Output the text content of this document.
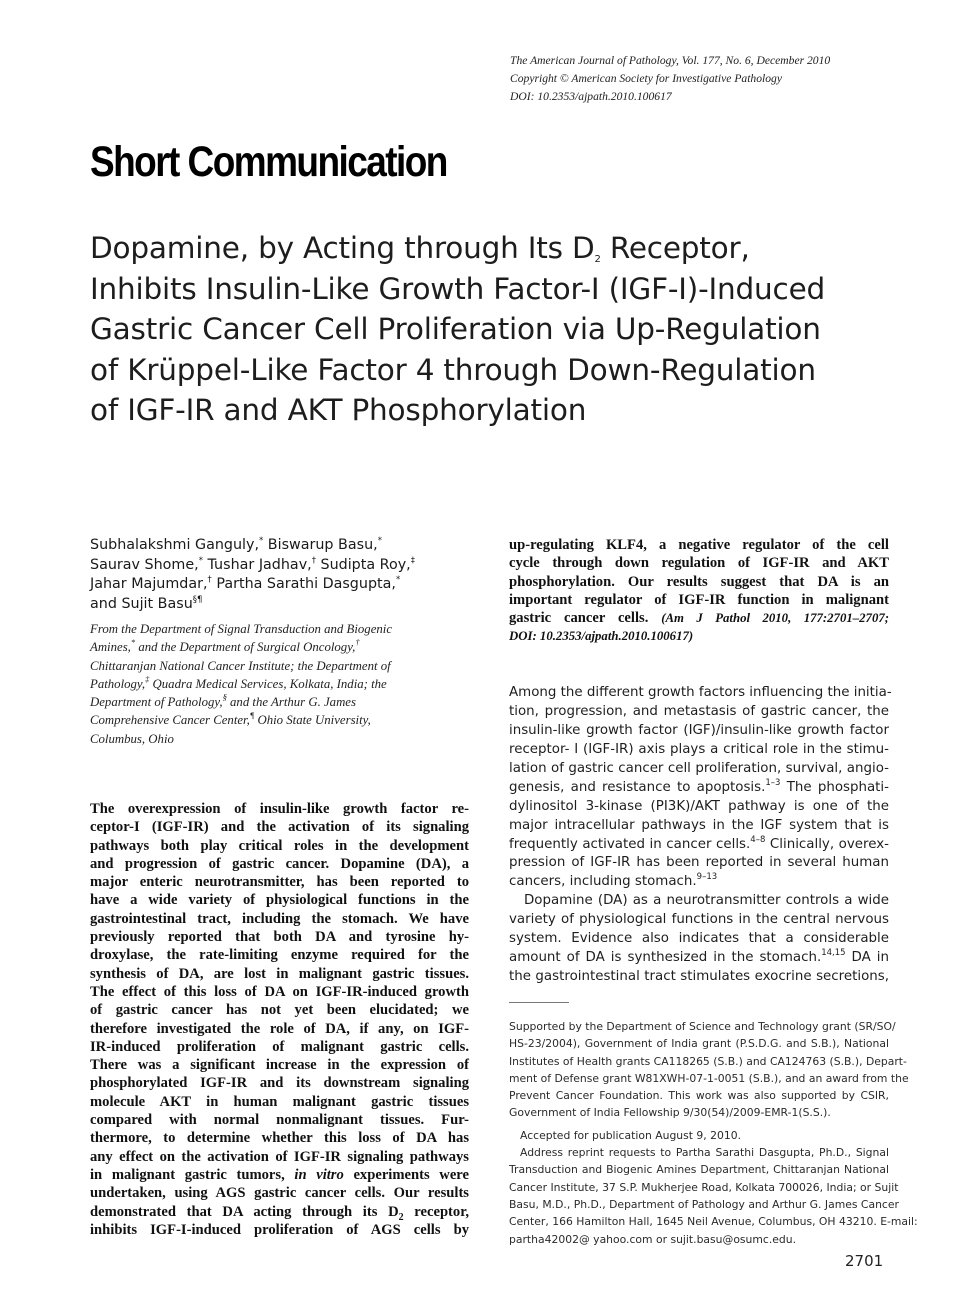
The American Journal of Pathology, Vol. 177, No. 6, December 2010
Copyright © American Society for Investigative Pathology
DOI: 10.2353/ajpath.2010.100617
Short Communication
Dopamine, by Acting through Its $D_2$ Receptor,
Inhibits Insulin-Like Growth Factor-I (IGF-I)-Induced
Gastric Cancer Cell Proliferation via Up-Regulation
of Krüppel-Like Factor 4 through Down-Regulation
of IGF-IR and AKT Phosphorylation
Subhalakshmi Ganguly,* Biswarup Basu,*
Saurav Shome,* Tushar Jadhav,† Sudipta Roy,‡
Jahar Majumdar,† Partha Sarathi Dasgupta,*
and Sujit Basu§¶
From the Department of Signal Transduction and Biogenic
Amines,* and the Department of Surgical Oncology,†
Chittaranjan National Cancer Institute; the Department of
Pathology,‡ Quadra Medical Services, Kolkata, India; the
Department of Pathology,§ and the Arthur G. James
Comprehensive Cancer Center,¶ Ohio State University,
Columbus, Ohio
The overexpression of insulin-like growth factor re-
ceptor-I (IGF-IR) and the activation of its signaling
pathways both play critical roles in the development
and progression of gastric cancer. Dopamine (DA), a
major enteric neurotransmitter, has been reported to
have a wide variety of physiological functions in the
gastrointestinal tract, including the stomach. We have
previously reported that both DA and tyrosine hy-
droxylase, the rate-limiting enzyme required for the
synthesis of DA, are lost in malignant gastric tissues.
The effect of this loss of DA on IGF-IR-induced growth
of gastric cancer has not yet been elucidated; we
therefore investigated the role of DA, if any, on IGF-
IR-induced proliferation of malignant gastric cells.
There was a significant increase in the expression of
phosphorylated IGF-IR and its downstream signaling
molecule AKT in human malignant gastric tissues
compared with normal nonmalignant tissues. Fur-
thermore, to determine whether this loss of DA has
any effect on the activation of IGF-IR signaling pathways
in malignant gastric tumors, in vitro experiments were
undertaken, using AGS gastric cancer cells. Our results
demonstrated that DA acting through its $D_2$ receptor,
inhibits IGF-I-induced proliferation of AGS cells by
up-regulating KLF4, a negative regulator of the cell
cycle through down regulation of IGF-IR and AKT
phosphorylation. Our results suggest that DA is an
important regulator of IGF-IR function in malignant
gastric cancer cells. (Am J Pathol 2010, 177:2701–2707;
DOI: 10.2353/ajpath.2010.100617)
Among the different growth factors influencing the initia-
tion, progression, and metastasis of gastric cancer, the
insulin-like growth factor (IGF)/insulin-like growth factor
receptor- I (IGF-IR) axis plays a critical role in the stimu-
lation of gastric cancer cell proliferation, survival, angio-
genesis, and resistance to apoptosis.$^{1-3}$ The phosphati-
dylinositol 3-kinase (PI3K)/AKT pathway is one of the
major intracellular pathways in the IGF system that is
frequently activated in cancer cells.$^{4-8}$ Clinically, overex-
pression of IGF-IR has been reported in several human
cancers, including stomach.$^{9-13}$
Dopamine (DA) as a neurotransmitter controls a wide
variety of physiological functions in the central nervous
system. Evidence also indicates that a considerable
amount of DA is synthesized in the stomach.$^{14,15}$ DA in
the gastrointestinal tract stimulates exocrine secretions,
Supported by the Department of Science and Technology grant (SR/SO/
HS-23/2004), Government of India grant (P.S.D.G. and S.B.), National
Institutes of Health grants CA118265 (S.B.) and CA124763 (S.B.), Depart-
ment of Defense grant W81XWH-07-1-0051 (S.B.), and an award from the
Prevent Cancer Foundation. This work was also supported by CSIR,
Government of India Fellowship 9/30(54)/2009-EMR-1(S.S.).
Accepted for publication August 9, 2010.
Address reprint requests to Partha Sarathi Dasgupta, Ph.D., Signal
Transduction and Biogenic Amines Department, Chittaranjan National
Cancer Institute, 37 S.P. Mukherjee Road, Kolkata 700026, India; or Sujit
Basu, M.D., Ph.D., Department of Pathology and Arthur G. James Cancer
Center, 166 Hamilton Hall, 1645 Neil Avenue, Columbus, OH 43210. E-mail:
partha42002@ yahoo.com or sujit.basu@osumc.edu.
2701
